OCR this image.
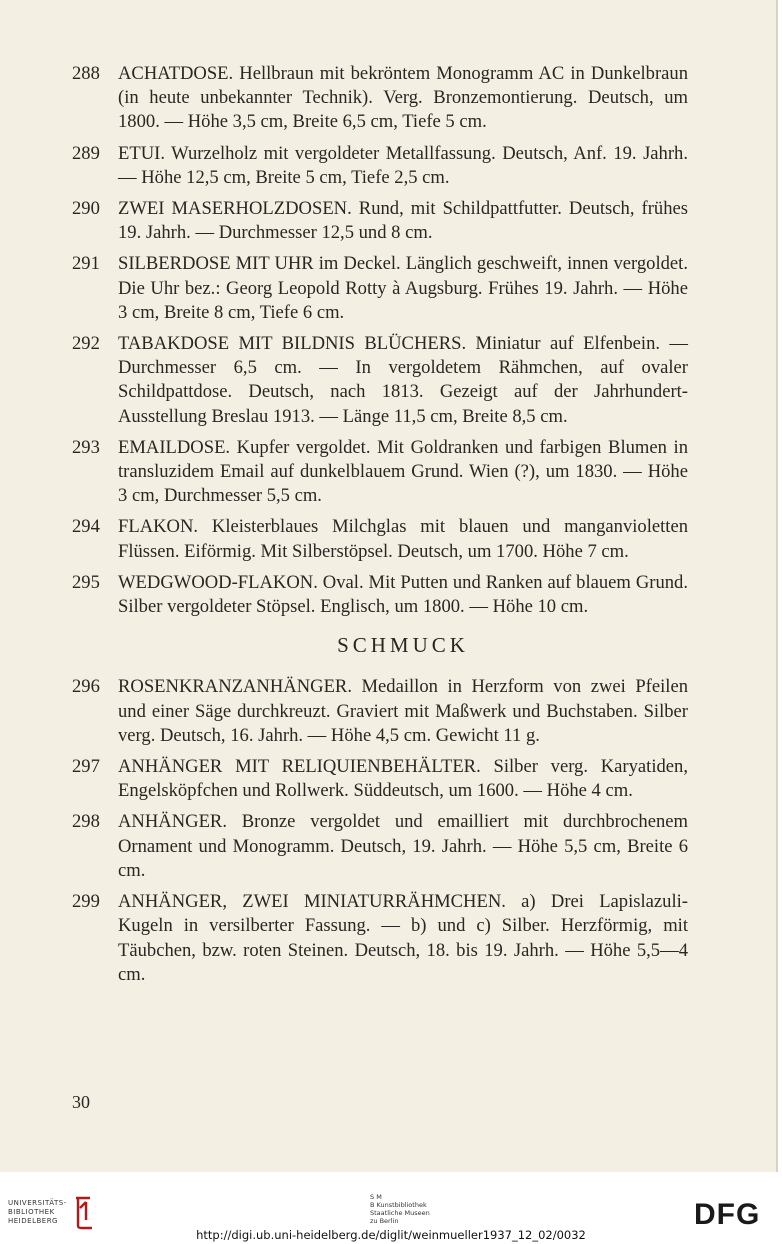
288 ACHATDOSE. Hellbraun mit bekröntem Monogramm AC in Dunkelbraun (in heute unbekannter Technik). Verg. Bronzemontierung. Deutsch, um 1800. — Höhe 3,5 cm, Breite 6,5 cm, Tiefe 5 cm.
289 ETUI. Wurzelholz mit vergoldeter Metallfassung. Deutsch, Anf. 19. Jahrh. — Höhe 12,5 cm, Breite 5 cm, Tiefe 2,5 cm.
290 ZWEI MASERHOLZDOSEN. Rund, mit Schildpattfutter. Deutsch, frühes 19. Jahrh. — Durchmesser 12,5 und 8 cm.
291 SILBERDOSE MIT UHR im Deckel. Länglich geschweift, innen vergoldet. Die Uhr bez.: Georg Leopold Rotty à Augsburg. Frühes 19. Jahrh. — Höhe 3 cm, Breite 8 cm, Tiefe 6 cm.
292 TABAKDOSE MIT BILDNIS BLÜCHERS. Miniatur auf Elfenbein. — Durchmesser 6,5 cm. — In vergoldetem Rähmchen, auf ovaler Schildpattdose. Deutsch, nach 1813. Gezeigt auf der Jahrhundert-Ausstellung Breslau 1913. — Länge 11,5 cm, Breite 8,5 cm.
293 EMAILDOSE. Kupfer vergoldet. Mit Goldranken und farbigen Blumen in transluzidem Email auf dunkelblauem Grund. Wien (?), um 1830. — Höhe 3 cm, Durchmesser 5,5 cm.
294 FLAKON. Kleisterblaues Milchglas mit blauen und manganvioletten Flüssen. Eiförmig. Mit Silberstöpsel. Deutsch, um 1700. Höhe 7 cm.
295 WEDGWOOD-FLAKON. Oval. Mit Putten und Ranken auf blauem Grund. Silber vergoldeter Stöpsel. Englisch, um 1800. — Höhe 10 cm.
SCHMUCK
296 ROSENKRANZANHÄNGER. Medaillon in Herzform von zwei Pfeilen und einer Säge durchkreuzt. Graviert mit Maßwerk und Buchstaben. Silber verg. Deutsch, 16. Jahrh. — Höhe 4,5 cm. Gewicht 11 g.
297 ANHÄNGER MIT RELIQUIENBEHÄLTER. Silber verg. Karyatiden, Engelsköpfchen und Rollwerk. Süddeutsch, um 1600. — Höhe 4 cm.
298 ANHÄNGER. Bronze vergoldet und emailliert mit durchbrochenem Ornament und Monogramm. Deutsch, 19. Jahrh. — Höhe 5,5 cm, Breite 6 cm.
299 ANHÄNGER, ZWEI MINIATURRÄHMCHEN. a) Drei Lapislazuli-Kugeln in versilberter Fassung. — b) und c) Silber. Herzförmig, mit Täubchen, bzw. roten Steinen. Deutsch, 18. bis 19. Jahrh. — Höhe 5,5—4 cm.
30
UNIVERSITÄTS-
BIBLIOTHEK
HEIDELBERG
S M
B Kunstbibliothek
Staatliche Museen
zu Berlin	DFG
http://digi.ub.uni-heidelberg.de/diglit/weinmueller1937_12_02/0032
